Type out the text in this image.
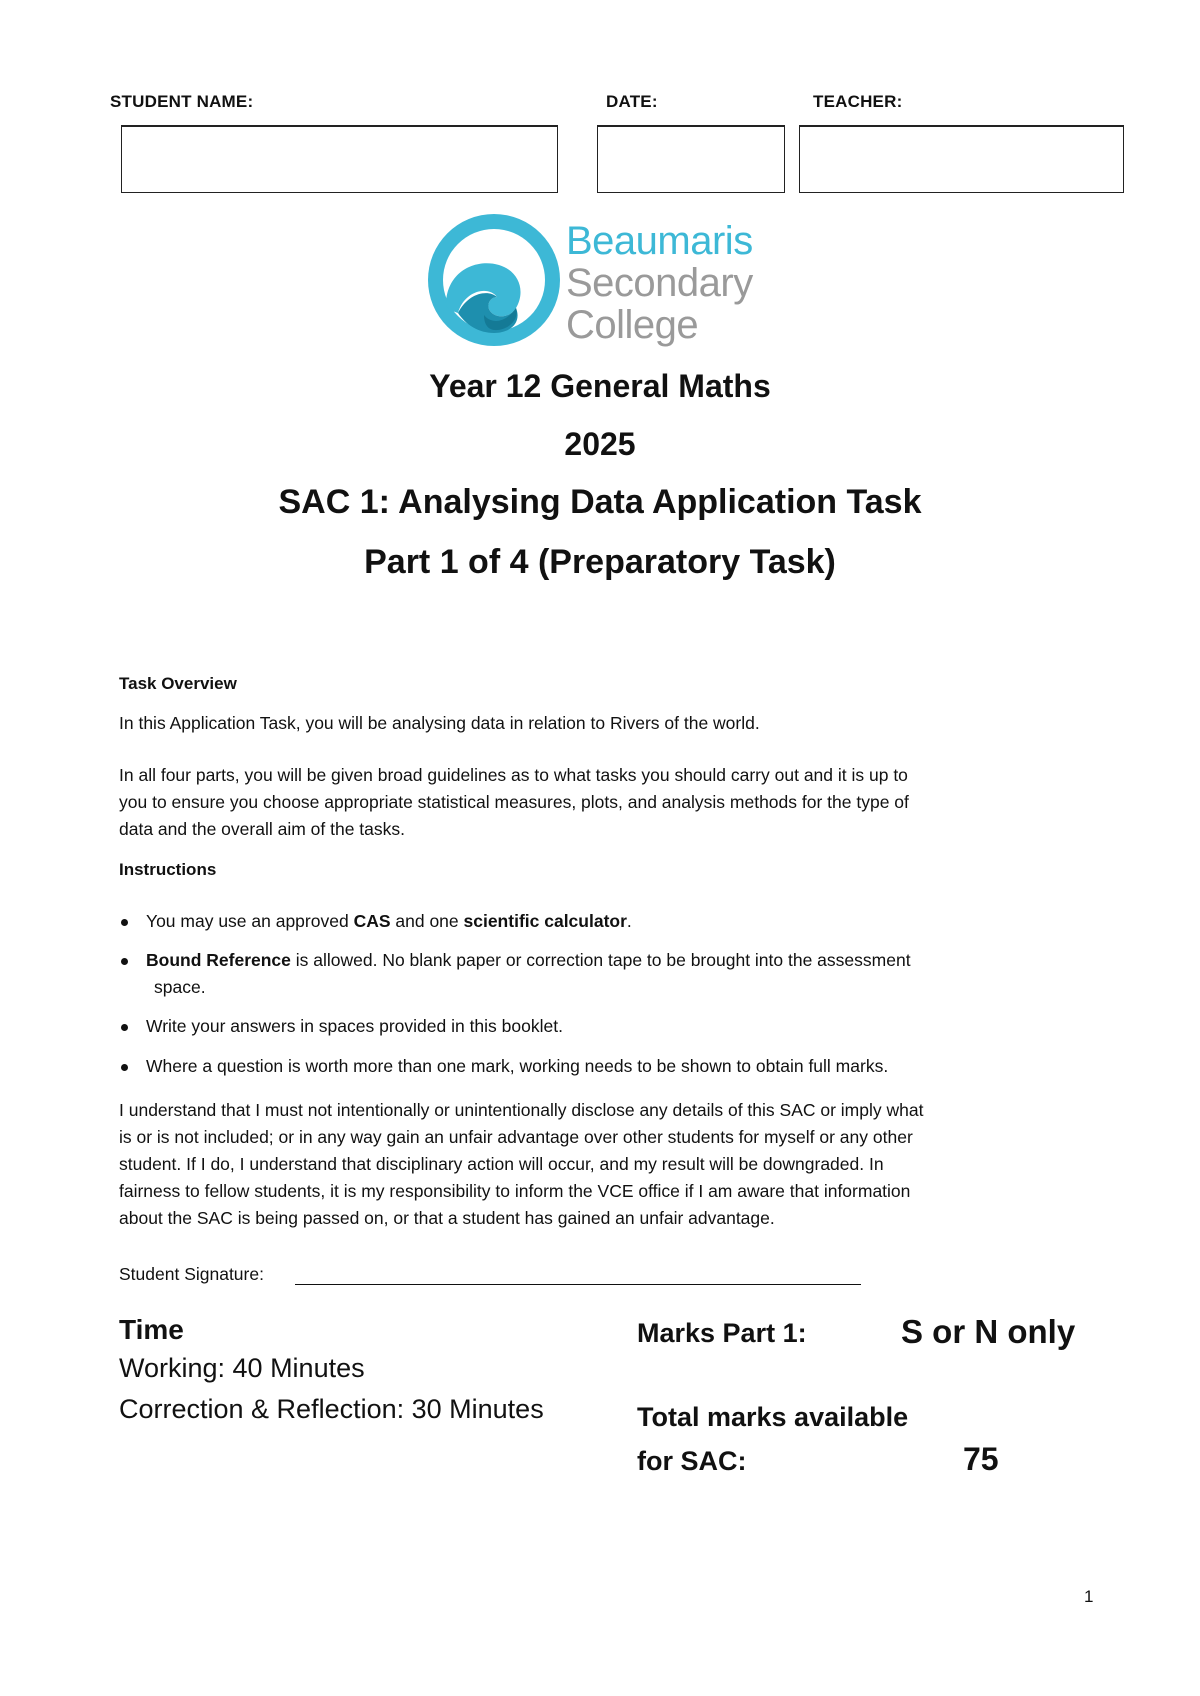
STUDENT NAME:	DATE:	TEACHER:
Beaumaris
Secondary
College
Year 12 General Maths
2025
SAC 1: Analysing Data Application Task
Part 1 of 4 (Preparatory Task)
Task Overview
In this Application Task, you will be analysing data in relation to Rivers of the world.
In all four parts, you will be given broad guidelines as to what tasks you should carry out and it is up to
you to ensure you choose appropriate statistical measures, plots, and analysis methods for the type of
data and the overall aim of the tasks.
Instructions
You may use an approved CAS and one scientific calculator.
Bound Reference is allowed. No blank paper or correction tape to be brought into the assessment
space.
Write your answers in spaces provided in this booklet.
Where a question is worth more than one mark, working needs to be shown to obtain full marks.
I understand that I must not intentionally or unintentionally disclose any details of this SAC or imply what
is or is not included; or in any way gain an unfair advantage over other students for myself or any other
student. If I do, I understand that disciplinary action will occur, and my result will be downgraded. In
fairness to fellow students, it is my responsibility to inform the VCE office if I am aware that information
about the SAC is being passed on, or that a student has gained an unfair advantage.
Student Signature:
Time
Working: 40 Minutes
Correction & Reflection: 30 Minutes
Marks Part 1:	S or N only
Total marks available
for SAC:	75
1
